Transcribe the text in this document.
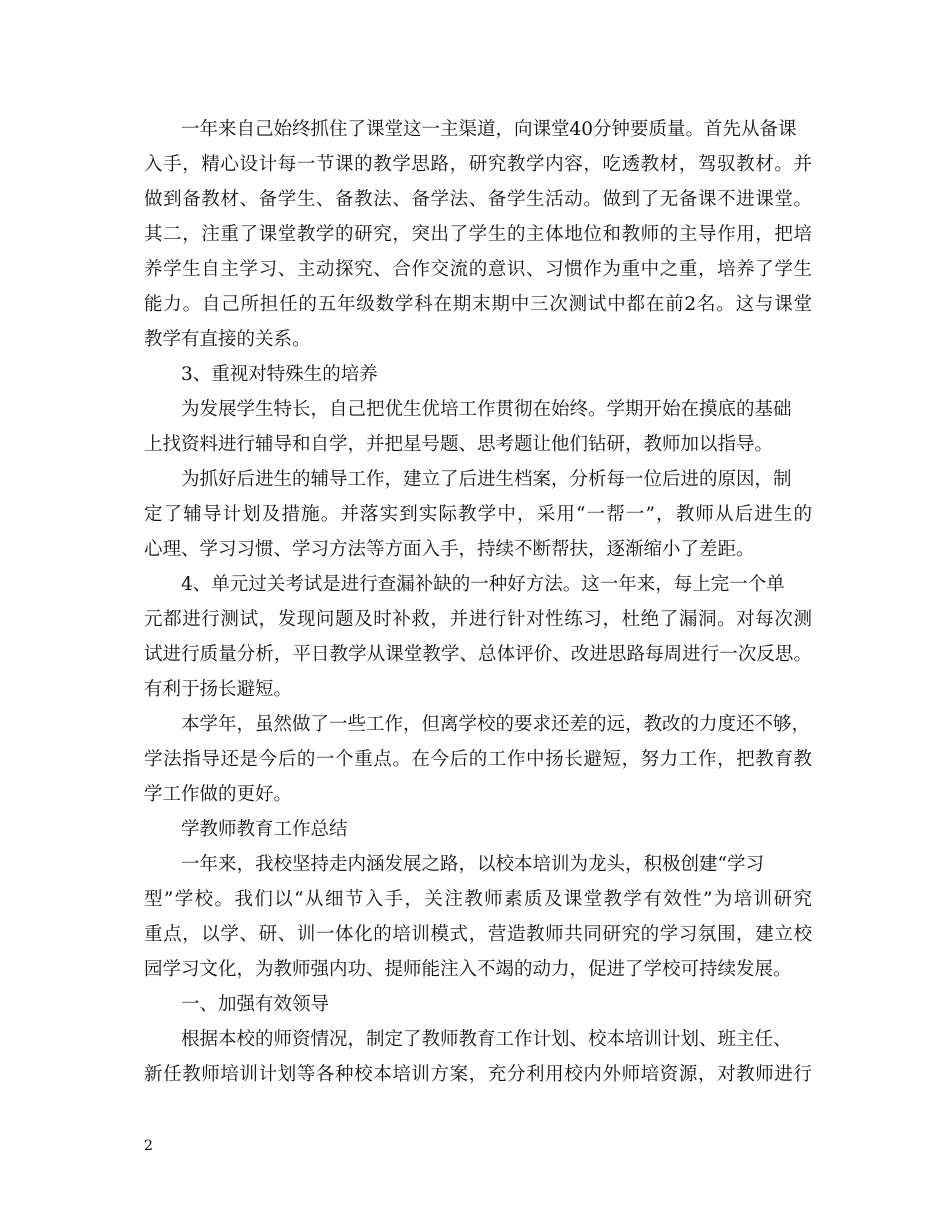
一年来自己始终抓住了课堂这一主渠道，向课堂40分钟要质量。首先从备课
入手，精心设计每一节课的教学思路，研究教学内容，吃透教材，驾驭教材。并
做到备教材、备学生、备教法、备学法、备学生活动。做到了无备课不进课堂。
其二，注重了课堂教学的研究，突出了学生的主体地位和教师的主导作用，把培
养学生自主学习、主动探究、合作交流的意识、习惯作为重中之重，培养了学生
能力。自己所担任的五年级数学科在期末期中三次测试中都在前2名。这与课堂
教学有直接的关系。
3、重视对特殊生的培养
为发展学生特长，自己把优生优培工作贯彻在始终。学期开始在摸底的基础
上找资料进行辅导和自学，并把星号题、思考题让他们钻研，教师加以指导。
为抓好后进生的辅导工作，建立了后进生档案，分析每一位后进的原因，制
定了辅导计划及措施。并落实到实际教学中，采用“一帮一”，教师从后进生的
心理、学习习惯、学习方法等方面入手，持续不断帮扶，逐渐缩小了差距。
4、单元过关考试是进行查漏补缺的一种好方法。这一年来，每上完一个单
元都进行测试，发现问题及时补救，并进行针对性练习，杜绝了漏洞。对每次测
试进行质量分析，平日教学从课堂教学、总体评价、改进思路每周进行一次反思。
有利于扬长避短。
本学年，虽然做了一些工作，但离学校的要求还差的远，教改的力度还不够，
学法指导还是今后的一个重点。在今后的工作中扬长避短，努力工作，把教育教
学工作做的更好。
学教师教育工作总结
一年来，我校坚持走内涵发展之路，以校本培训为龙头，积极创建“学习
型”学校。我们以“从细节入手，关注教师素质及课堂教学有效性”为培训研究
重点，以学、研、训一体化的培训模式，营造教师共同研究的学习氛围，建立校
园学习文化，为教师强内功、提师能注入不竭的动力，促进了学校可持续发展。
一、加强有效领导
根据本校的师资情况，制定了教师教育工作计划、校本培训计划、班主任、
新任教师培训计划等各种校本培训方案，充分利用校内外师培资源，对教师进行
2
